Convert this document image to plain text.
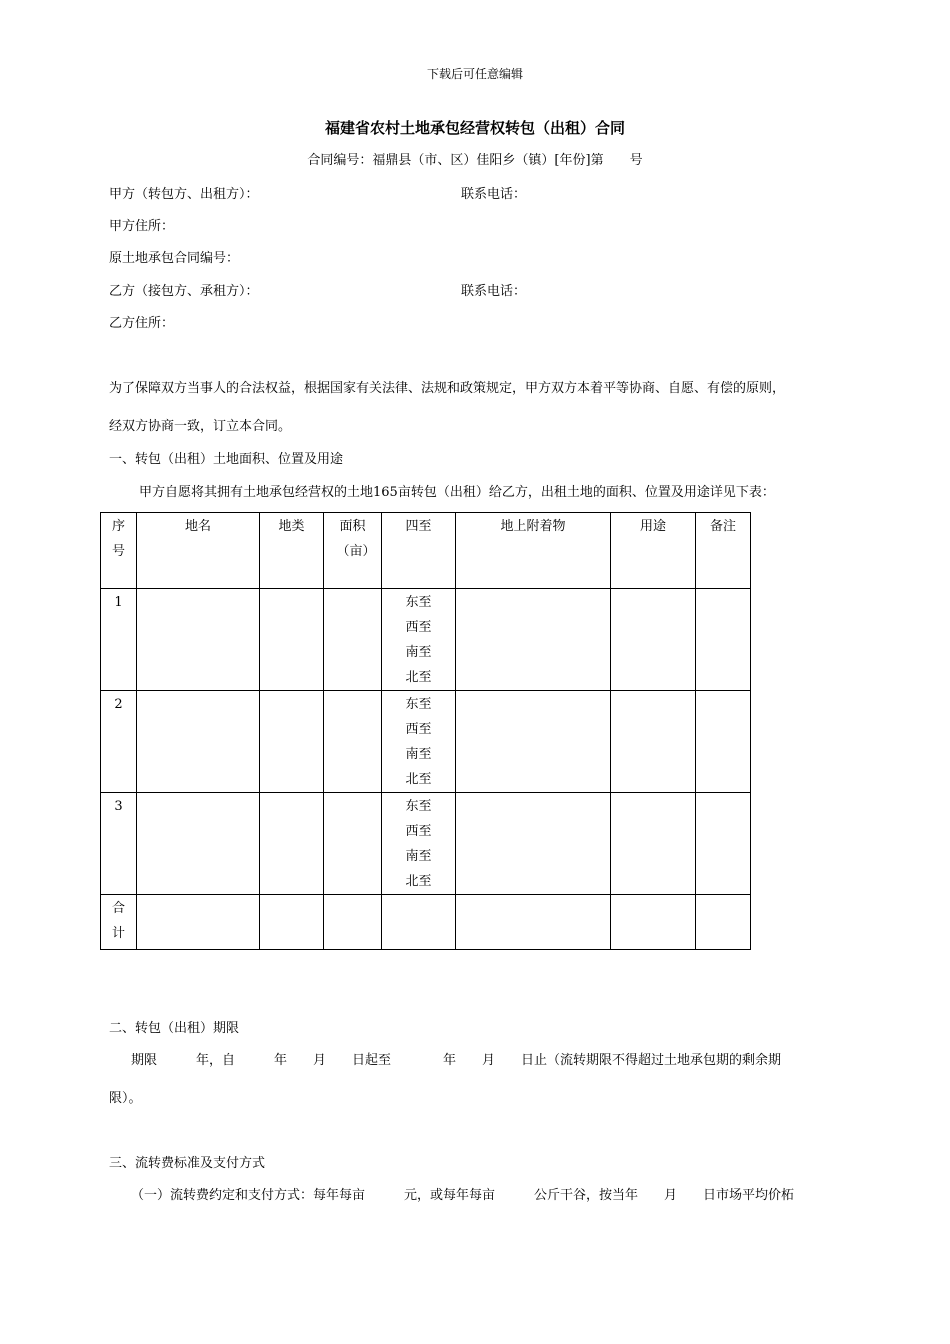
下载后可任意编辑
福建省农村土地承包经营权转包（出租）合同
合同编号：福鼎县（市、区）佳阳乡（镇）[年份]第　　号
甲方（转包方、出租方）：	联系电话：
甲方住所：
原土地承包合同编号：
乙方（接包方、承租方）：	联系电话：
乙方住所：
为了保障双方当事人的合法权益，根据国家有关法律、法规和政策规定，甲方双方本着平等协商、自愿、有偿的原则，
经双方协商一致，订立本合同。
一、转包（出租）土地面积、位置及用途
甲方自愿将其拥有土地承包经营权的土地165亩转包（出租）给乙方，出租土地的面积、位置及用途详见下表：
序号	地名	地类	面积（亩）	四至	地上附着物	用途	备注
1				东至
西至
南至
北至			

2				东至
西至
南至
北至			

3				东至
西至
南至
北至			

合计							

二、转包（出租）期限
期限　　　年，自　　　年　　月　　日起至　　　　年　　月　　日止（流转期限不得超过土地承包期的剩余期
限）。
三、流转费标准及支付方式
（一）流转费约定和支付方式：每年每亩　　　元，或每年每亩　　　公斤干谷，按当年　　月　　日市场平均价柘
